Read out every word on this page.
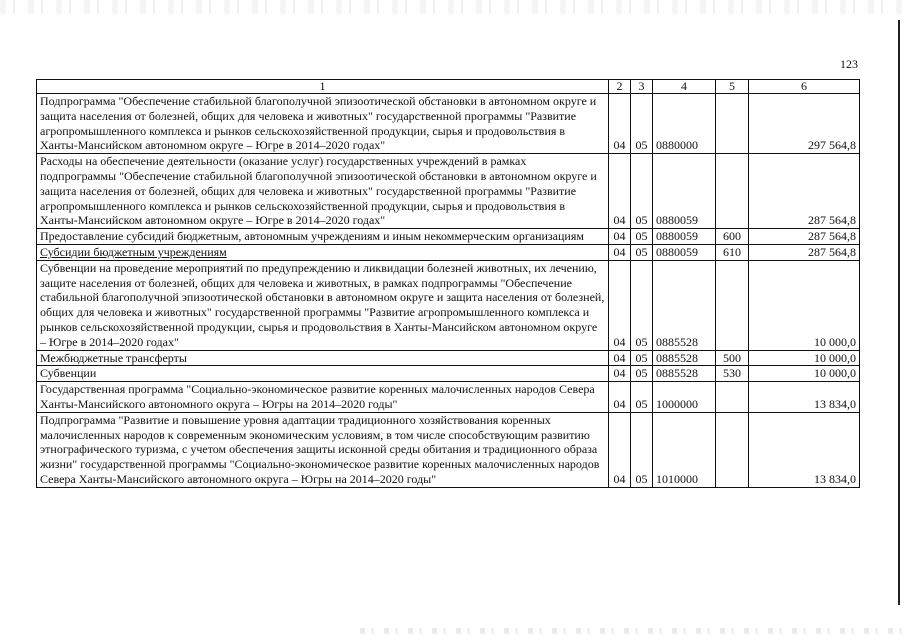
123
1	2	3	4	5	6
Подпрограмма "Обеспечение стабильной благополучной эпизоотической обстановки в автономном округе и защита населения от болезней, общих для человека и животных" государственной программы "Развитие агропромышленного комплекса и рынков сельскохозяйственной продукции, сырья и продовольствия в Ханты-Мансийском автономном округе – Югре в 2014–2020 годах"	04	05	0880000		297 564,8
Расходы на обеспечение деятельности (оказание услуг) государственных учреждений в рамках подпрограммы "Обеспечение стабильной благополучной эпизоотической обстановки в автономном округе и защита населения от болезней, общих для человека и животных" государственной программы "Развитие агропромышленного комплекса и рынков сельскохозяйственной продукции, сырья и продовольствия в Ханты-Мансийском автономном округе – Югре в 2014–2020 годах"	04	05	0880059		287 564,8
Предоставление субсидий бюджетным, автономным учреждениям и иным некоммерческим организациям	04	05	0880059	600	287 564,8
Субсидии бюджетным учреждениям	04	05	0880059	610	287 564,8
Субвенции на проведение мероприятий по предупреждению и ликвидации болезней животных, их лечению, защите населения от болезней, общих для человека и животных, в рамках подпрограммы "Обеспечение стабильной благополучной эпизоотической обстановки в автономном округе и защита населения от болезней, общих для человека и животных" государственной программы "Развитие агропромышленного комплекса и рынков сельскохозяйственной продукции, сырья и продовольствия в Ханты-Мансийском автономном округе – Югре в 2014–2020 годах"	04	05	0885528		10 000,0
Межбюджетные трансферты	04	05	0885528	500	10 000,0
Субвенции	04	05	0885528	530	10 000,0
Государственная программа "Социально-экономическое развитие коренных малочисленных народов Севера Ханты-Мансийского автономного округа – Югры на 2014–2020 годы"	04	05	1000000		13 834,0
Подпрограмма "Развитие и повышение уровня адаптации традиционного хозяйствования коренных малочисленных народов к современным экономическим условиям, в том числе способствующим развитию этнографического туризма, с учетом обеспечения защиты исконной среды обитания и традиционного образа жизни" государственной программы "Социально-экономическое развитие коренных малочисленных народов Севера Ханты-Мансийского автономного округа – Югры на 2014–2020 годы"	04	05	1010000		13 834,0
